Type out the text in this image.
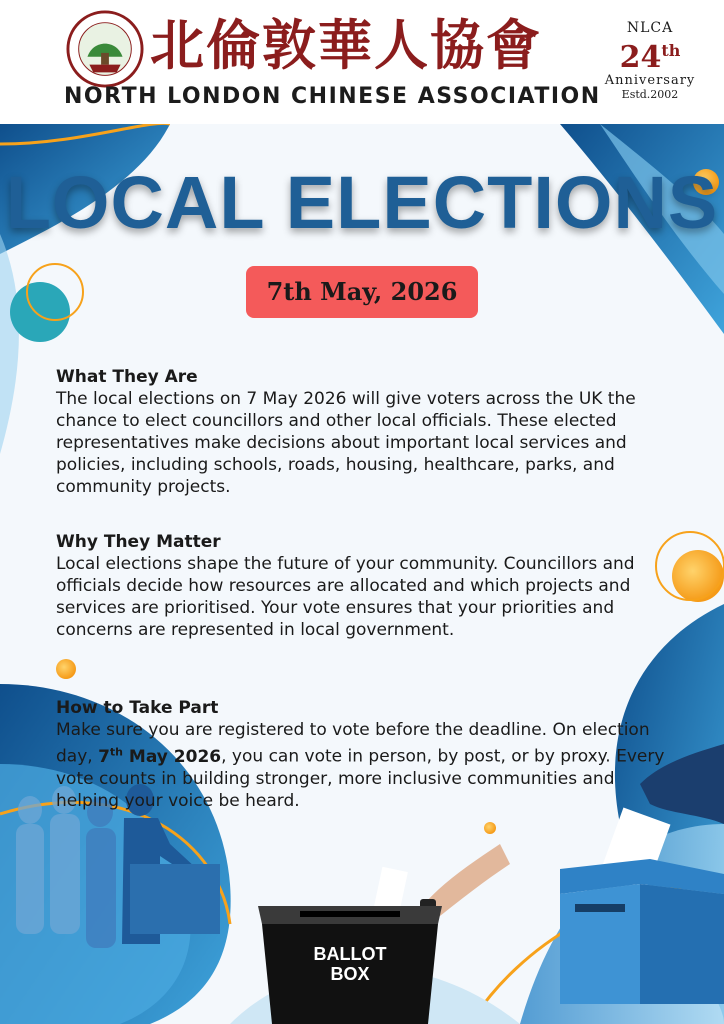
北倫敦華人協會
NORTH LONDON CHINESE ASSOCIATION
NLCA
24th
Anniversary
Estd.2002
LOCAL ELECTIONS
7th May, 2026
What They Are

The local elections on 7 May 2026 will give voters across the UK the chance to elect councillors and other local officials. These elected representatives make decisions about important local services and policies, including schools, roads, housing, healthcare, parks, and community projects.

Why They Matter

Local elections shape the future of your community. Councillors and officials decide how resources are allocated and which projects and services are prioritised. Your vote ensures that your priorities and concerns are represented in local government.

How to Take Part

Make sure you are registered to vote before the deadline. On election day, 7th May 2026, you can vote in person, by post, or by proxy. Every vote counts in building stronger, more inclusive communities and helping your voice be heard.

BALLOT
BOX
